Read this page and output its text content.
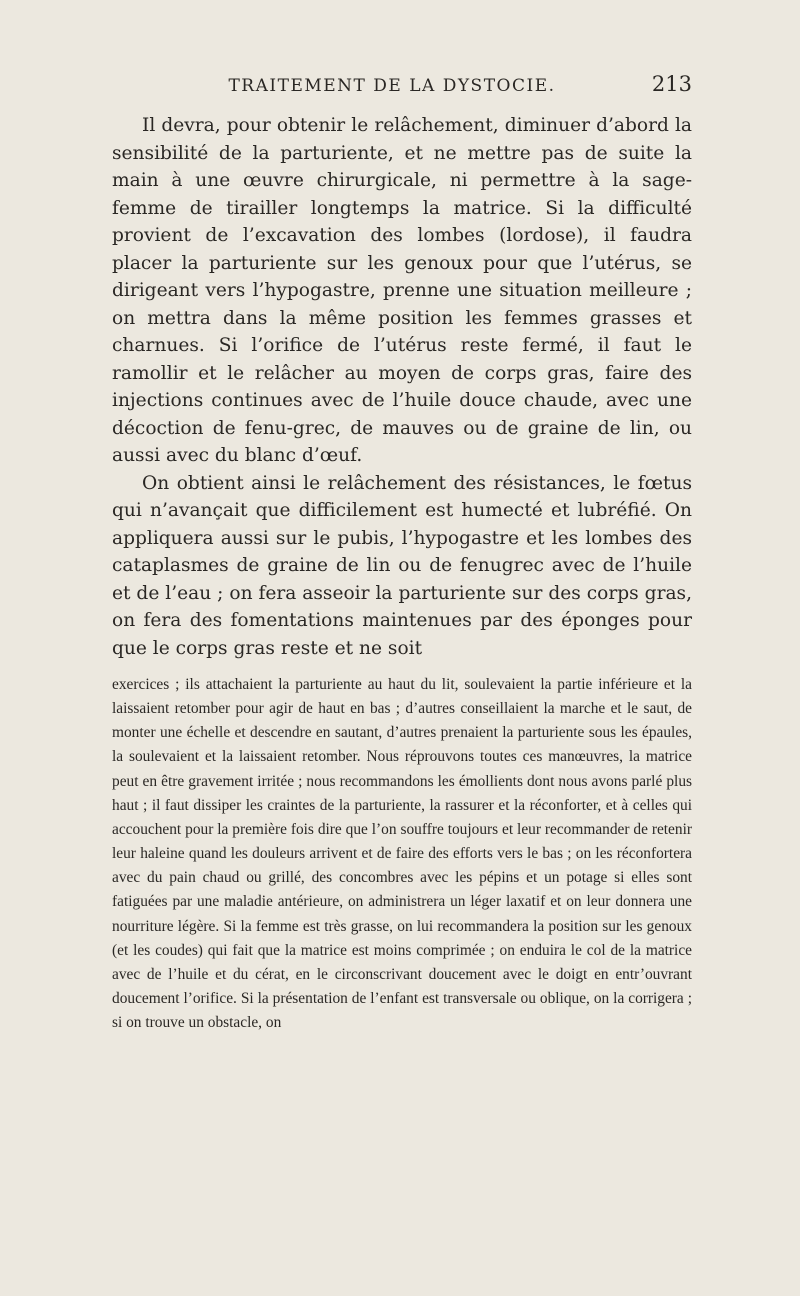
TRAITEMENT DE LA DYSTOCIE.	213

Il devra, pour obtenir le relâchement, diminuer d’abord la sensibilité de la parturiente, et ne mettre pas de suite la main à une œuvre chirurgicale, ni permettre à la sage-femme de tirailler longtemps la matrice. Si la difficulté provient de l’excavation des lombes (lordose), il faudra placer la parturiente sur les genoux pour que l’utérus, se dirigeant vers l’hypogastre, prenne une situation meilleure ; on mettra dans la même position les femmes grasses et charnues. Si l’orifice de l’utérus reste fermé, il faut le ramollir et le relâcher au moyen de corps gras, faire des injections continues avec de l’huile douce chaude, avec une décoction de fenu-grec, de mauves ou de graine de lin, ou aussi avec du blanc d’œuf.

On obtient ainsi le relâchement des résistances, le fœtus qui n’avançait que difficilement est humecté et lubréfié. On appliquera aussi sur le pubis, l’hypogastre et les lombes des cataplasmes de graine de lin ou de fenugrec avec de l’huile et de l’eau ; on fera asseoir la parturiente sur des corps gras, on fera des fomentations maintenues par des éponges pour que le corps gras reste et ne soit

exercices ; ils attachaient la parturiente au haut du lit, soulevaient la partie inférieure et la laissaient retomber pour agir de haut en bas ; d’autres conseillaient la marche et le saut, de monter une échelle et descendre en sautant, d’autres prenaient la parturiente sous les épaules, la soulevaient et la laissaient retomber. Nous réprouvons toutes ces manœuvres, la matrice peut en être gravement irritée ; nous recommandons les émollients dont nous avons parlé plus haut ; il faut dissiper les craintes de la parturiente, la rassurer et la réconforter, et à celles qui accouchent pour la première fois dire que l’on souffre toujours et leur recommander de retenir leur haleine quand les douleurs arrivent et de faire des efforts vers le bas ; on les réconfortera avec du pain chaud ou grillé, des concombres avec les pépins et un potage si elles sont fatiguées par une maladie antérieure, on administrera un léger laxatif et on leur donnera une nourriture légère. Si la femme est très grasse, on lui recommandera la position sur les genoux (et les coudes) qui fait que la matrice est moins comprimée ; on enduira le col de la matrice avec de l’huile et du cérat, en le circonscrivant doucement avec le doigt en entr’ouvrant doucement l’orifice. Si la présentation de l’enfant est transversale ou oblique, on la corrigera ; si on trouve un obstacle, on
